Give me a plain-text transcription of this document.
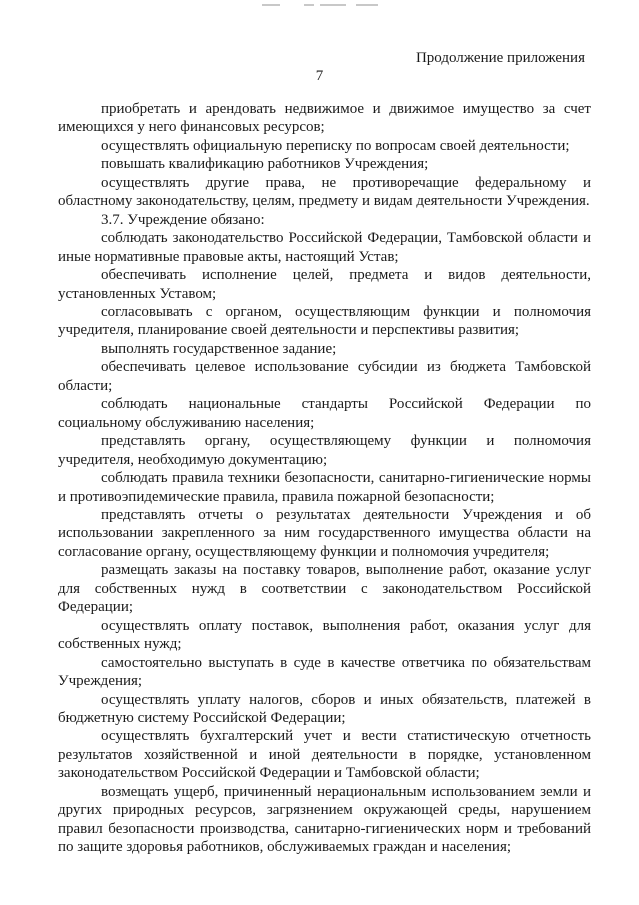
Продолжение приложения
7

приобретать и арендовать недвижимое и движимое имущество за счет имеющихся у него финансовых ресурсов;

осуществлять официальную переписку по вопросам своей деятельности;

повышать квалификацию работников Учреждения;

осуществлять другие права, не противоречащие федеральному и областному законодательству, целям, предмету и видам деятельности Учреждения.

3.7. Учреждение обязано:

соблюдать законодательство Российской Федерации, Тамбовской области и иные нормативные правовые акты, настоящий Устав;

обеспечивать исполнение целей, предмета и видов деятельности, установленных Уставом;

согласовывать с органом, осуществляющим функции и полномочия учредителя, планирование своей деятельности и перспективы развития;

выполнять государственное задание;

обеспечивать целевое использование субсидии из бюджета Тамбовской области;

соблюдать национальные стандарты Российской Федерации по социальному обслуживанию населения;

представлять органу, осуществляющему функции и полномочия учредителя, необходимую документацию;

соблюдать правила техники безопасности, санитарно-гигиенические нормы и противоэпидемические правила, правила пожарной безопасности;

представлять отчеты о результатах деятельности Учреждения и об использовании закрепленного за ним государственного имущества области на согласование органу, осуществляющему функции и полномочия учредителя;

размещать заказы на поставку товаров, выполнение работ, оказание услуг для собственных нужд в соответствии с законодательством Российской Федерации;

осуществлять оплату поставок, выполнения работ, оказания услуг для собственных нужд;

самостоятельно выступать в суде в качестве ответчика по обязательствам Учреждения;

осуществлять уплату налогов, сборов и иных обязательств, платежей в бюджетную систему Российской Федерации;

осуществлять бухгалтерский учет и вести статистическую отчетность результатов хозяйственной и иной деятельности в порядке, установленном законодательством Российской Федерации и Тамбовской области;

возмещать ущерб, причиненный нерациональным использованием земли и других природных ресурсов, загрязнением окружающей среды, нарушением правил безопасности производства, санитарно-гигиенических норм и требований по защите здоровья работников, обслуживаемых граждан и населения;
